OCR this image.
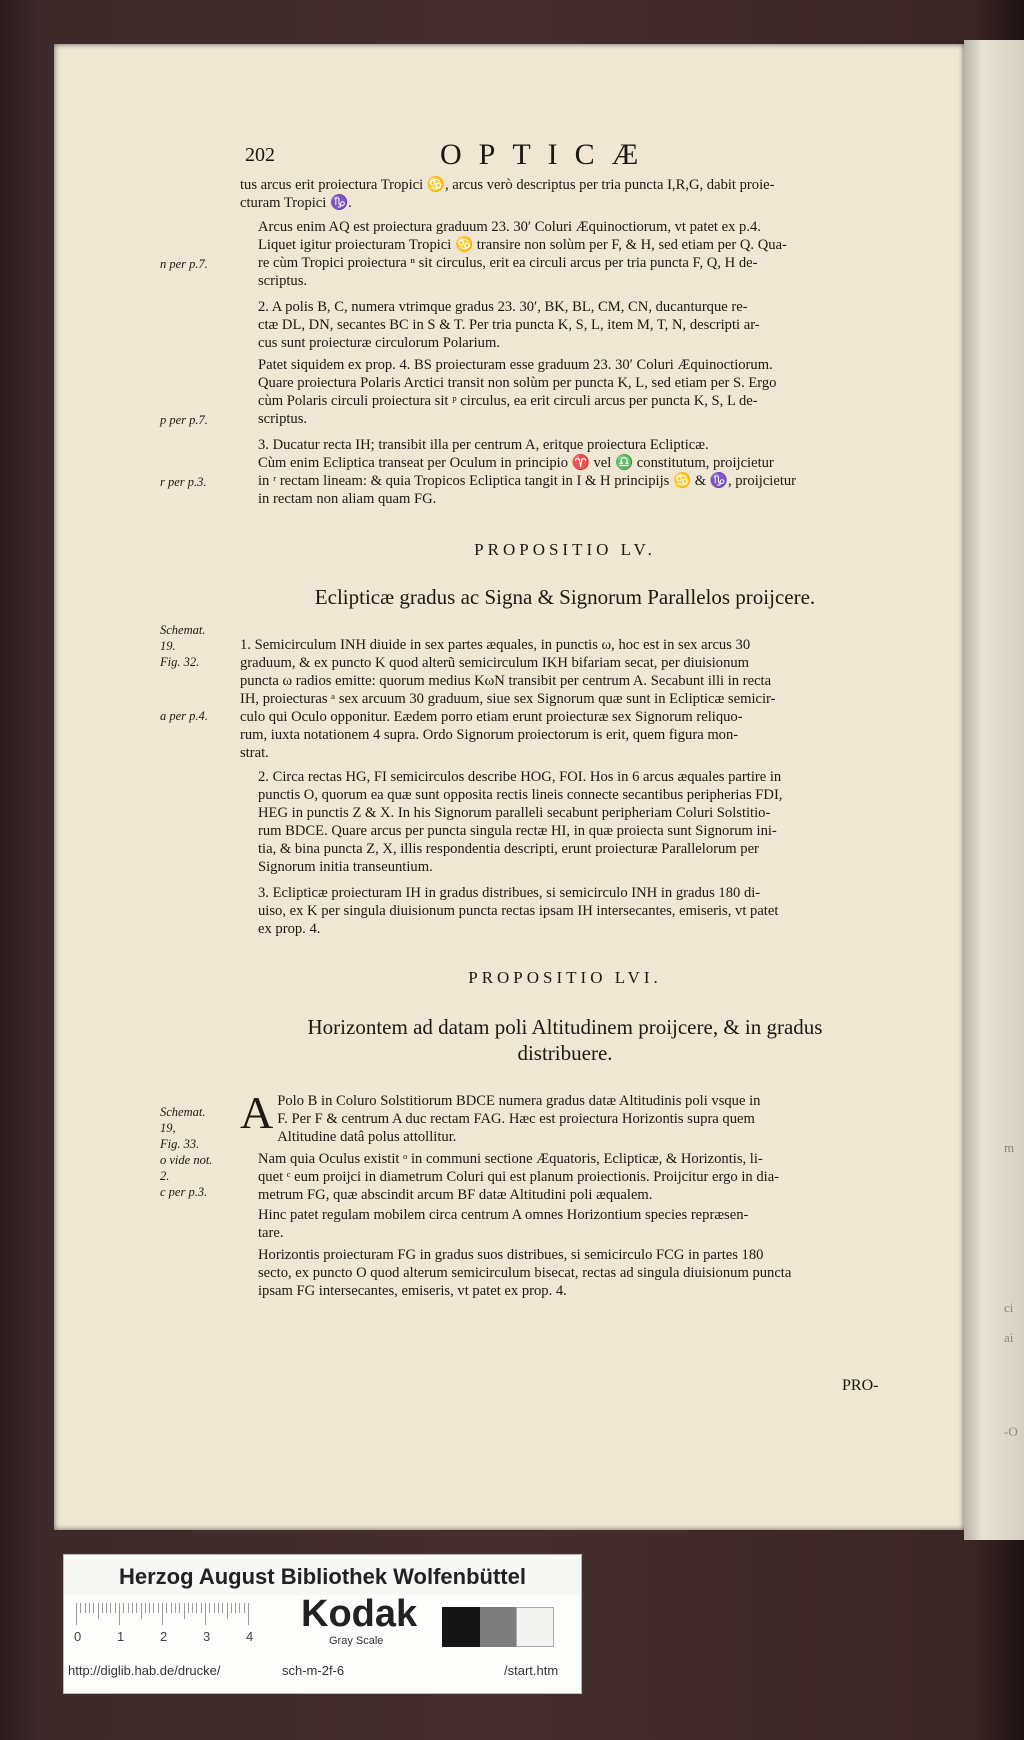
m
ci
ai
-O
202	OPTICÆ
tus arcus erit proiectura Tropici ♋, arcus verò descriptus per tria puncta I,R,G, dabit proie-
cturam Tropici ♑.
Arcus enim AQ est proiectura graduum 23. 30′ Coluri Æquinoctiorum, vt patet ex p.4.
Liquet igitur proiecturam Tropici ♋ transire non solùm per F, & H, sed etiam per Q. Qua-
re cùm Tropici proiectura ⁿ sit circulus, erit ea circuli arcus per tria puncta F, Q, H de-
scriptus.
n per p.7.
2. A polis B, C, numera vtrimque gradus 23. 30′, BK, BL, CM, CN, ducanturque re-
ctæ DL, DN, secantes BC in S & T. Per tria puncta K, S, L, item M, T, N, descripti ar-
cus sunt proiecturæ circulorum Polarium.
Patet siquidem ex prop. 4. BS proiecturam esse graduum 23. 30′ Coluri Æquinoctiorum.
Quare proiectura Polaris Arctici transit non solùm per puncta K, L, sed etiam per S. Ergo
cùm Polaris circuli proiectura sit ᵖ circulus, ea erit circuli arcus per puncta K, S, L de-
scriptus.
p per p.7.
3. Ducatur recta IH; transibit illa per centrum A, eritque proiectura Eclipticæ.
Cùm enim Ecliptica transeat per Oculum in principio ♈ vel ♎ constitutum, proijcietur
in ʳ rectam lineam: & quia Tropicos Ecliptica tangit in I & H principijs ♋ & ♑, proijcietur
in rectam non aliam quam FG.
r per p.3.
PROPOSITIO LV.
Eclipticæ gradus ac Signa & Signorum Parallelos proijcere.
Schemat.
19.
Fig. 32.
1. Semicirculum INH diuide in sex partes æquales, in punctis ω, hoc est in sex arcus 30
graduum, & ex puncto K quod alterũ semicirculum IKH bifariam secat, per diuisionum
puncta ω radios emitte: quorum medius KωN transibit per centrum A. Secabunt illi in recta
IH, proiecturas ᵃ sex arcuum 30 graduum, siue sex Signorum quæ sunt in Eclipticæ semicir-
culo qui Oculo opponitur. Eædem porro etiam erunt proiecturæ sex Signorum reliquo-
rum, iuxta notationem 4 supra. Ordo Signorum proiectorum is erit, quem figura mon-
strat.
a per p.4.
2. Circa rectas HG, FI semicirculos describe HOG, FOI. Hos in 6 arcus æquales partire in
punctis O, quorum ea quæ sunt opposita rectis lineis connecte secantibus peripherias FDI,
HEG in punctis Z & X. In his Signorum paralleli secabunt peripheriam Coluri Solstitio-
rum BDCE. Quare arcus per puncta singula rectæ HI, in quæ proiecta sunt Signorum ini-
tia, & bina puncta Z, X, illis respondentia descripti, erunt proiecturæ Parallelorum per
Signorum initia transeuntium.
3. Eclipticæ proiecturam IH in gradus distribues, si semicirculo INH in gradus 180 di-
uiso, ex K per singula diuisionum puncta rectas ipsam IH intersecantes, emiseris, vt patet
ex prop. 4.
PROPOSITIO LVI.
Horizontem ad datam poli Altitudinem proijcere, & in gradus
distribuere.
Schemat.
19,
Fig. 33.
o vide not.
2.
c per p.3.
A Polo B in Coluro Solstitiorum BDCE numera gradus datæ Altitudinis poli vsque in
F. Per F & centrum A duc rectam FAG. Hæc est proiectura Horizontis supra quem
Altitudine datâ polus attollitur.
Nam quia Oculus existit ᵒ in communi sectione Æquatoris, Eclipticæ, & Horizontis, li-
quet ᶜ eum proijci in diametrum Coluri qui est planum proiectionis. Proijcitur ergo in dia-
metrum FG, quæ abscindit arcum BF datæ Altitudini poli æqualem.
Hinc patet regulam mobilem circa centrum A omnes Horizontium species repræsen-
tare.
Horizontis proiecturam FG in gradus suos distribues, si semicirculo FCG in partes 180
secto, ex puncto O quod alterum semicirculum bisecat, rectas ad singula diuisionum puncta
ipsam FG intersecantes, emiseris, vt patet ex prop. 4.
PRO-
Herzog August Bibliothek Wolfenbüttel
0	1	2	3	4
Kodak
Gray Scale
http://diglib.hab.de/drucke/	sch-m-2f-6	/start.htm
